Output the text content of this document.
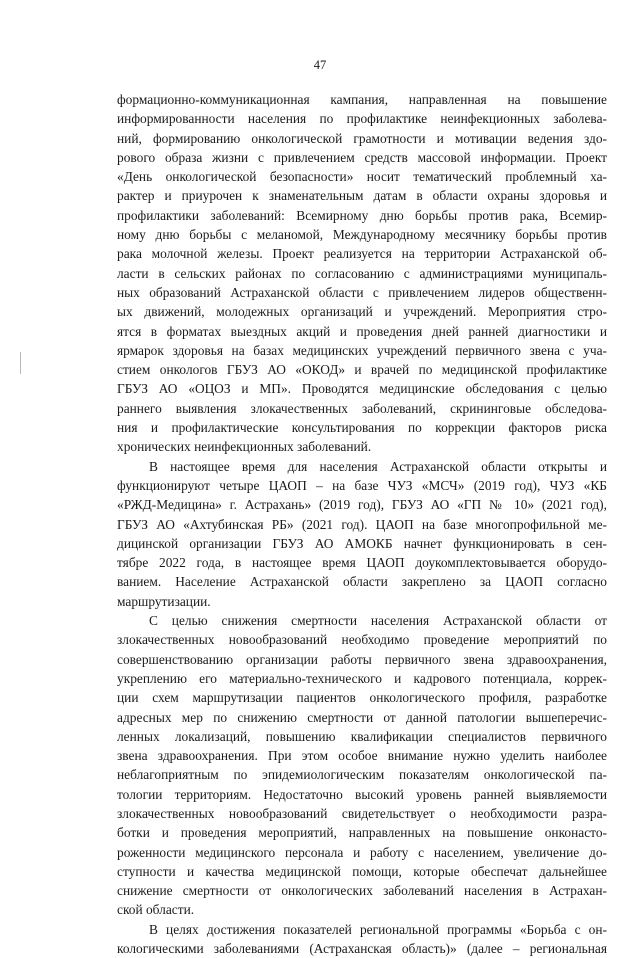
47
формационно-коммуникационная кампания, направленная на повышение
информированности населения по профилактике неинфекционных заболева-
ний, формированию онкологической грамотности и мотивации ведения здо-
рового образа жизни с привлечением средств массовой информации. Проект
«День онкологической безопасности» носит тематический проблемный ха-
рактер и приурочен к знаменательным датам в области охраны здоровья и
профилактики заболеваний: Всемирному дню борьбы против рака, Всемир-
ному дню борьбы с меланомой, Международному месячнику борьбы против
рака молочной железы. Проект реализуется на территории Астраханской об-
ласти в сельских районах по согласованию с администрациями муниципаль-
ных образований Астраханской области с привлечением лидеров общественн-
ых движений, молодежных организаций и учреждений. Мероприятия стро-
ятся в форматах выездных акций и проведения дней ранней диагностики и
ярмарок здоровья на базах медицинских учреждений первичного звена с уча-
стием онкологов ГБУЗ АО «ОКОД» и врачей по медицинской профилактике
ГБУЗ АО «ОЦОЗ и МП». Проводятся медицинские обследования с целью
раннего выявления злокачественных заболеваний, скрининговые обследова-
ния и профилактические консультирования по коррекции факторов риска
хронических неинфекционных заболеваний.
В настоящее время для населения Астраханской области открыты и
функционируют четыре ЦАОП – на базе ЧУЗ «МСЧ» (2019 год), ЧУЗ «КБ
«РЖД-Медицина» г. Астрахань» (2019 год), ГБУЗ АО «ГП № 10» (2021 год),
ГБУЗ АО «Ахтубинская РБ» (2021 год). ЦАОП на базе многопрофильной ме-
дицинской организации ГБУЗ АО АМОКБ начнет функционировать в сен-
тябре 2022 года, в настоящее время ЦАОП доукомплектовывается оборудо-
ванием. Население Астраханской области закреплено за ЦАОП согласно
маршрутизации.
С целью снижения смертности населения Астраханской области от
злокачественных новообразований необходимо проведение мероприятий по
совершенствованию организации работы первичного звена здравоохранения,
укреплению его материально-технического и кадрового потенциала, коррек-
ции схем маршрутизации пациентов онкологического профиля, разработке
адресных мер по снижению смертности от данной патологии вышеперечис-
ленных локализаций, повышению квалификации специалистов первичного
звена здравоохранения. При этом особое внимание нужно уделить наиболее
неблагоприятным по эпидемиологическим показателям онкологической па-
тологии территориям. Недостаточно высокий уровень ранней выявляемости
злокачественных новообразований свидетельствует о необходимости разра-
ботки и проведения мероприятий, направленных на повышение онконасто-
роженности медицинского персонала и работу с населением, увеличение до-
ступности и качества медицинской помощи, которые обеспечат дальнейшее
снижение смертности от онкологических заболеваний населения в Астрахан-
ской области.
В целях достижения показателей региональной программы «Борьба с он-
кологическими заболеваниями (Астраханская область)» (далее – региональная
